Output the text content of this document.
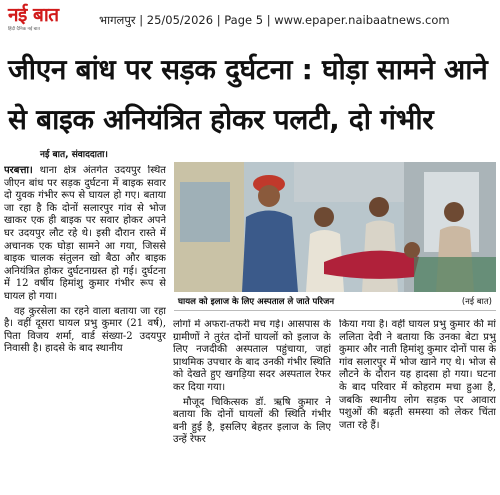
नई बात
हिंदी दैनिक नई बात
भागलपुर | 25/05/2026 | Page 5 | www.epaper.naibaatnews.com
जीएन बांध पर सड़क दुर्घटना : घोड़ा सामने आने से बाइक अनियंत्रित होकर पलटी, दो गंभीर
नई बात, संवाददाता।

परबत्ता। थाना क्षेत्र अंतर्गत उदयपुर स्थित जीएन बांध पर सड़क दुर्घटना में बाइक सवार दो युवक गंभीर रूप से घायल हो गए। बताया जा रहा है कि दोनों सलारपुर गांव से भोज खाकर एक ही बाइक पर सवार होकर अपने घर उदयपुर लौट रहे थे। इसी दौरान रास्ते में अचानक एक घोड़ा सामने आ गया, जिससे बाइक चालक संतुलन खो बैठा और बाइक अनियंत्रित होकर दुर्घटनाग्रस्त हो गई। दुर्घटना में 12 वर्षीय हिमांशु कुमार गंभीर रूप से घायल हो गया।

वह कुरसेला का रहने वाला बताया जा रहा है। वहीं दूसरा घायल प्रभु कुमार (21 वर्ष), पिता विजय शर्मा, वार्ड संख्या-2 उदयपुर निवासी है। हादसे के बाद स्थानीय

घायल को इलाज के लिए अस्पताल ले जाते परिजन	(नई बात)

लोगों में अफरा-तफरी मच गई। आसपास के ग्रामीणों ने तुरंत दोनों घायलों को इलाज के लिए नजदीकी अस्पताल पहुंचाया, जहां प्राथमिक उपचार के बाद उनकी गंभीर स्थिति को देखते हुए खगड़िया सदर अस्पताल रेफर कर दिया गया।

मौजूद चिकित्सक डॉ. ऋषि कुमार ने बताया कि दोनों घायलों की स्थिति गंभीर बनी हुई है, इसलिए बेहतर इलाज के लिए उन्हें रेफर

किया गया है। वहीं घायल प्रभु कुमार की मां ललिता देवी ने बताया कि उनका बेटा प्रभु कुमार और नाती हिमांशु कुमार दोनों पास के गांव सलारपुर में भोज खाने गए थे। भोज से लौटने के दौरान यह हादसा हो गया। घटना के बाद परिवार में कोहराम मचा हुआ है, जबकि स्थानीय लोग सड़क पर आवारा पशुओं की बढ़ती समस्या को लेकर चिंता जता रहे हैं।
